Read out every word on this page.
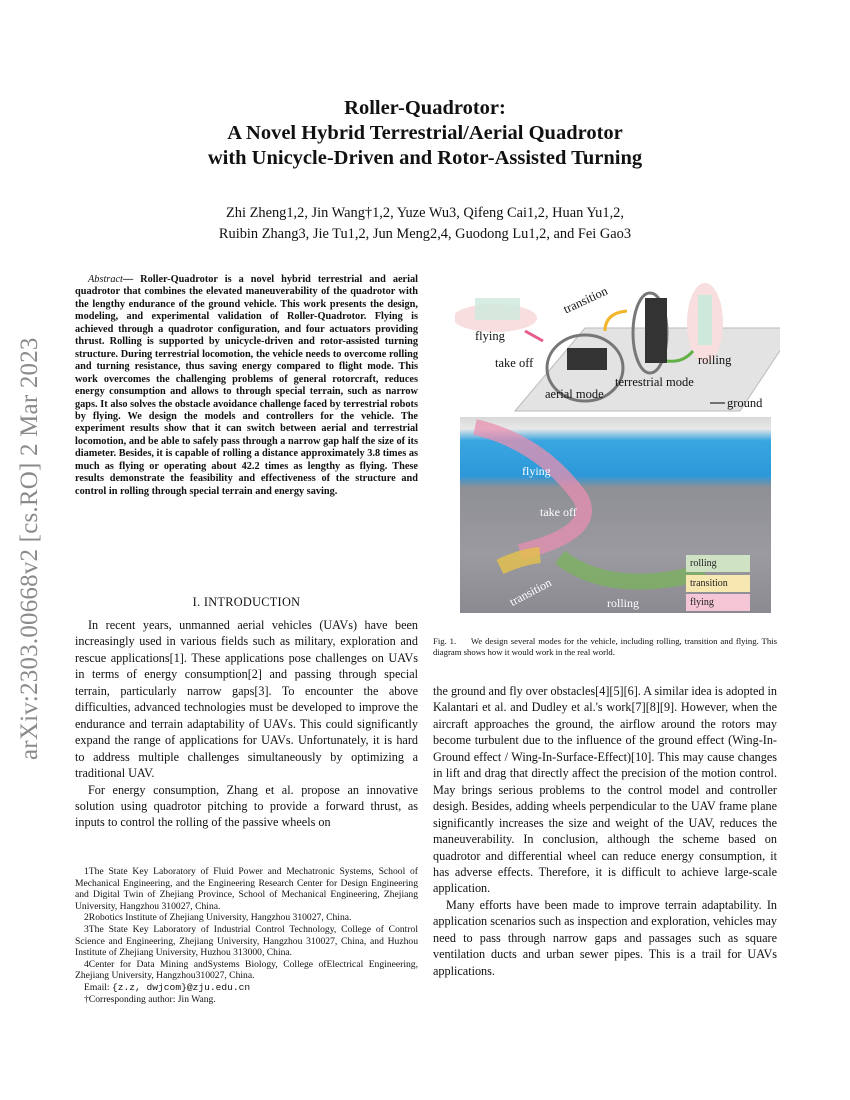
arXiv:2303.00668v2 [cs.RO] 2 Mar 2023
Roller-Quadrotor:
A Novel Hybrid Terrestrial/Aerial Quadrotor
with Unicycle-Driven and Rotor-Assisted Turning
Zhi Zheng1,2, Jin Wang†1,2, Yuze Wu3, Qifeng Cai1,2, Huan Yu1,2,
Ruibin Zhang3, Jie Tu1,2, Jun Meng2,4, Guodong Lu1,2, and Fei Gao3
Abstract— Roller-Quadrotor is a novel hybrid terrestrial and aerial quadrotor that combines the elevated maneuverability of the quadrotor with the lengthy endurance of the ground vehicle. This work presents the design, modeling, and experimental validation of Roller-Quadrotor. Flying is achieved through a quadrotor configuration, and four actuators providing thrust. Rolling is supported by unicycle-driven and rotor-assisted turning structure. During terrestrial locomotion, the vehicle needs to overcome rolling and turning resistance, thus saving energy compared to flight mode. This work overcomes the challenging problems of general rotorcraft, reduces energy consumption and allows to through special terrain, such as narrow gaps. It also solves the obstacle avoidance challenge faced by terrestrial robots by flying. We design the models and controllers for the vehicle. The experiment results show that it can switch between aerial and terrestrial locomotion, and be able to safely pass through a narrow gap half the size of its diameter. Besides, it is capable of rolling a distance approximately 3.8 times as much as flying or operating about 42.2 times as lengthy as flying. These results demonstrate the feasibility and effectiveness of the structure and control in rolling through special terrain and energy saving.
I. INTRODUCTION

In recent years, unmanned aerial vehicles (UAVs) have been increasingly used in various fields such as military, exploration and rescue applications[1]. These applications pose challenges on UAVs in terms of energy consumption[2] and passing through special terrain, particularly narrow gaps[3]. To encounter the above difficulties, advanced technologies must be developed to improve the endurance and terrain adaptability of UAVs. This could significantly expand the range of applications for UAVs. Unfortunately, it is hard to address multiple challenges simultaneously by optimizing a traditional UAV.

For energy consumption, Zhang et al. propose an innovative solution using quadrotor pitching to provide a forward thrust, as inputs to control the rolling of the passive wheels on

1The State Key Laboratory of Fluid Power and Mechatronic Systems, School of Mechanical Engineering, and the Engineering Research Center for Design Engineering and Digital Twin of Zhejiang Province, School of Mechanical Engineering, Zhejiang University, Hangzhou 310027, China.

2Robotics Institute of Zhejiang University, Hangzhou 310027, China.

3The State Key Laboratory of Industrial Control Technology, College of Control Science and Engineering, Zhejiang University, Hangzhou 310027, China, and Huzhou Institute of Zhejiang University, Huzhou 313000, China.

4Center for Data Mining andSystems Biology, College ofElectrical Engineering, Zhejiang University, Hangzhou310027, China.

Email: {z.z, dwjcom}@zju.edu.cn

†Corresponding author: Jin Wang.

flying
transition
take off	rolling
terrestrial mode
aerial mode
ground
flying
take off
transition	rolling
rolling
transition
flying
Fig. 1. We design several modes for the vehicle, including rolling, transition and flying. This diagram shows how it would work in the real world.

the ground and fly over obstacles[4][5][6]. A similar idea is adopted in Kalantari et al. and Dudley et al.'s work[7][8][9]. However, when the aircraft approaches the ground, the airflow around the rotors may become turbulent due to the influence of the ground effect (Wing-In-Ground effect / Wing-In-Surface-Effect)[10]. This may cause changes in lift and drag that directly affect the precision of the motion control. May brings serious problems to the control model and controller desigh. Besides, adding wheels perpendicular to the UAV frame plane significantly increases the size and weight of the UAV, reduces the maneuverability. In conclusion, although the scheme based on quadrotor and differential wheel can reduce energy consumption, it has adverse effects. Therefore, it is difficult to achieve large-scale application.

Many efforts have been made to improve terrain adaptability. In application scenarios such as inspection and exploration, vehicles may need to pass through narrow gaps and passages such as square ventilation ducts and urban sewer pipes. This is a trail for UAVs applications.
